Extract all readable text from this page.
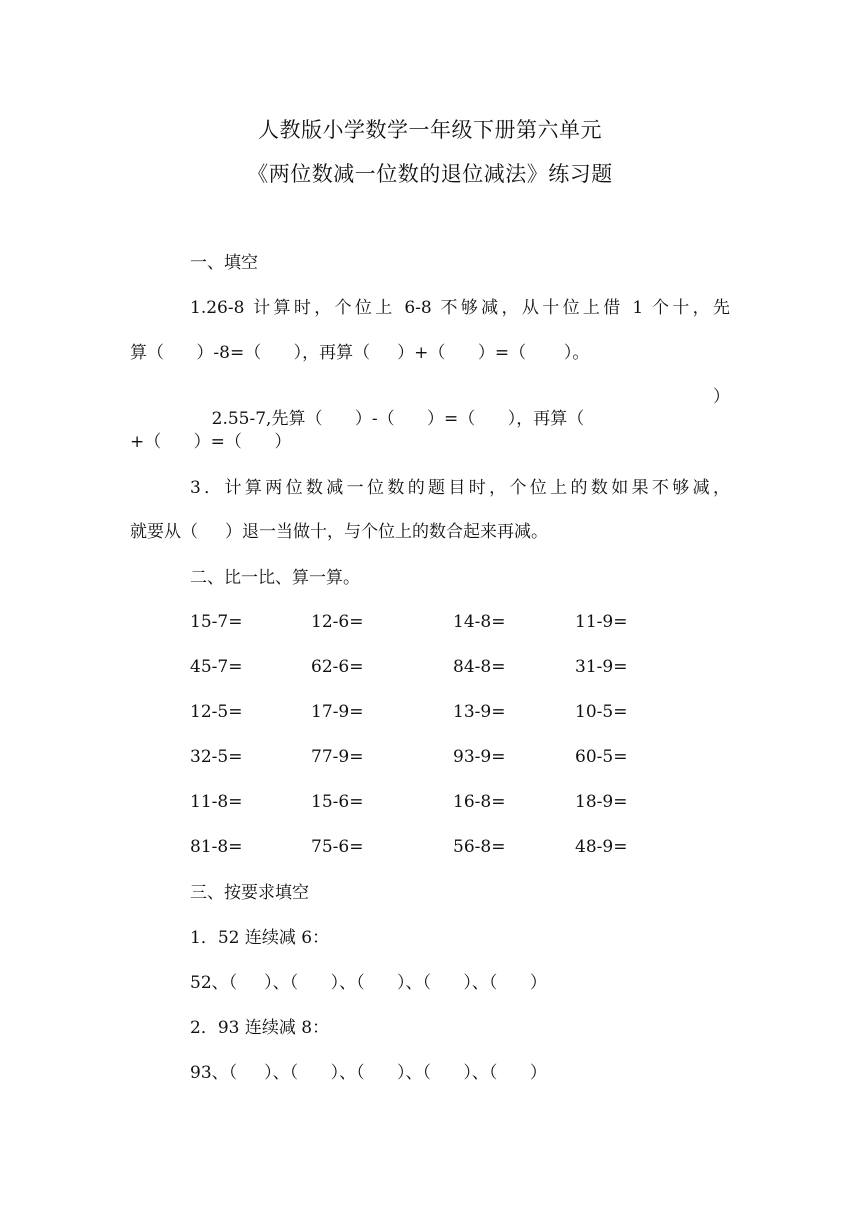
人教版小学数学一年级下册第六单元
《两位数减一位数的退位减法》练习题
一、填空
1.26-8 计算时，个位上 6-8 不够减，从十位上借 1 个十，先
算（      ）-8=（      ），再算（     ）+（      ）=（       ）。

2.55-7,先算（      ）-（      ）=（      ），再算（

）

+（      ）=（      ）
3．计算两位数减一位数的题目时，个位上的数如果不够减，
就要从（     ）退一当做十，与个位上的数合起来再减。
二、比一比、算一算。
15-7=	12-6=	14-8=	11-9=
45-7=	62-6=	84-8=	31-9=
12-5=	17-9=	13-9=	10-5=
32-5=	77-9=	93-9=	60-5=
11-8=	15-6=	16-8=	18-9=
81-8=	75-6=	56-8=	48-9=
三、按要求填空
1．52 连续减 6：
52、（     ）、（      ）、（      ）、（      ）、（      ）
2．93 连续减 8：
93、（     ）、（      ）、（      ）、（      ）、（      ）
